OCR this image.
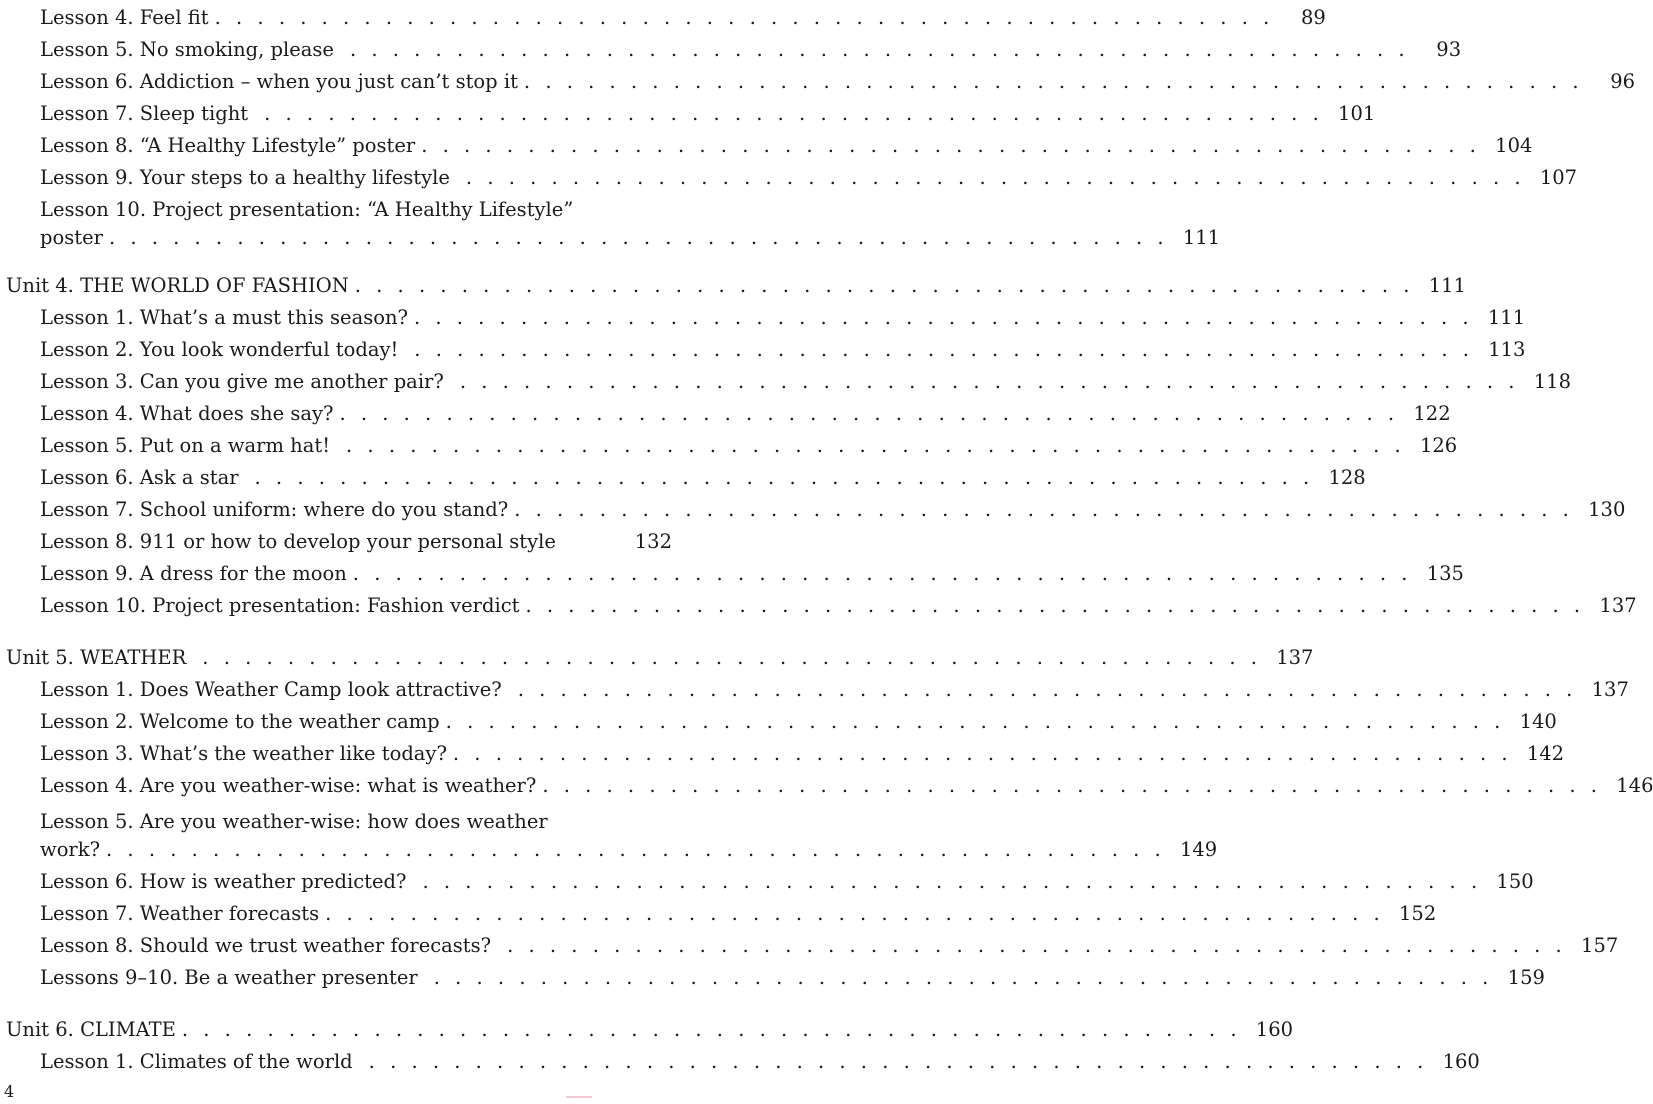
Lesson 4. Feel fit . . . . . . . . . . . . . . . . . . . . . . . . . . . . . . . . . . . . . . . . . . . . . . . . . .	89
Lesson 5. No smoking, please . . . . . . . . . . . . . . . . . . . . . . . . . . . . . . . . . . . . . . . . . . . . . . . . . .	93
Lesson 6. Addiction – when you just can’t stop it . . . . . . . . . . . . . . . . . . . . . . . . . . . . . . . . . . . . . . . . . . . . . . . . . .	96
Lesson 7. Sleep tight . . . . . . . . . . . . . . . . . . . . . . . . . . . . . . . . . . . . . . . . . . . . . . . . . . 101
Lesson 8. “A Healthy Lifestyle” poster . . . . . . . . . . . . . . . . . . . . . . . . . . . . . . . . . . . . . . . . . . . . . . . . . . 104
Lesson 9. Your steps to a healthy lifestyle . . . . . . . . . . . . . . . . . . . . . . . . . . . . . . . . . . . . . . . . . . . . . . . . . . 107
Lesson 10. Project presentation: “A Healthy Lifestyle”
poster . . . . . . . . . . . . . . . . . . . . . . . . . . . . . . . . . . . . . . . . . . . . . . . . . . 111
Unit 4. THE WORLD OF FASHION . . . . . . . . . . . . . . . . . . . . . . . . . . . . . . . . . . . . . . . . . . . . . . . . . . 111
Lesson 1. What’s a must this season? . . . . . . . . . . . . . . . . . . . . . . . . . . . . . . . . . . . . . . . . . . . . . . . . . . 111
Lesson 2. You look wonderful today! . . . . . . . . . . . . . . . . . . . . . . . . . . . . . . . . . . . . . . . . . . . . . . . . . . 113
Lesson 3. Can you give me another pair? . . . . . . . . . . . . . . . . . . . . . . . . . . . . . . . . . . . . . . . . . . . . . . . . . . 118
Lesson 4. What does she say? . . . . . . . . . . . . . . . . . . . . . . . . . . . . . . . . . . . . . . . . . . . . . . . . . . 122
Lesson 5. Put on a warm hat! . . . . . . . . . . . . . . . . . . . . . . . . . . . . . . . . . . . . . . . . . . . . . . . . . . 126
Lesson 6. Ask a star . . . . . . . . . . . . . . . . . . . . . . . . . . . . . . . . . . . . . . . . . . . . . . . . . . 128
Lesson 7. School uniform: where do you stand? . . . . . . . . . . . . . . . . . . . . . . . . . . . . . . . . . . . . . . . . . . . . . . . . . . 130
Lesson 8. 911 or how to develop your personal style	132
Lesson 9. A dress for the moon . . . . . . . . . . . . . . . . . . . . . . . . . . . . . . . . . . . . . . . . . . . . . . . . . . 135
Lesson 10. Project presentation: Fashion verdict . . . . . . . . . . . . . . . . . . . . . . . . . . . . . . . . . . . . . . . . . . . . . . . . . . 137
Unit 5. WEATHER . . . . . . . . . . . . . . . . . . . . . . . . . . . . . . . . . . . . . . . . . . . . . . . . . . 137
Lesson 1. Does Weather Camp look attractive? . . . . . . . . . . . . . . . . . . . . . . . . . . . . . . . . . . . . . . . . . . . . . . . . . . 137
Lesson 2. Welcome to the weather camp . . . . . . . . . . . . . . . . . . . . . . . . . . . . . . . . . . . . . . . . . . . . . . . . . . 140
Lesson 3. What’s the weather like today? . . . . . . . . . . . . . . . . . . . . . . . . . . . . . . . . . . . . . . . . . . . . . . . . . . 142
Lesson 4. Are you weather-wise: what is weather? . . . . . . . . . . . . . . . . . . . . . . . . . . . . . . . . . . . . . . . . . . . . . . . . . . 146
Lesson 5. Are you weather-wise: how does weather
work? . . . . . . . . . . . . . . . . . . . . . . . . . . . . . . . . . . . . . . . . . . . . . . . . . . 149
Lesson 6. How is weather predicted? . . . . . . . . . . . . . . . . . . . . . . . . . . . . . . . . . . . . . . . . . . . . . . . . . . 150
Lesson 7. Weather forecasts . . . . . . . . . . . . . . . . . . . . . . . . . . . . . . . . . . . . . . . . . . . . . . . . . . 152
Lesson 8. Should we trust weather forecasts? . . . . . . . . . . . . . . . . . . . . . . . . . . . . . . . . . . . . . . . . . . . . . . . . . . 157
Lessons 9–10. Be a weather presenter . . . . . . . . . . . . . . . . . . . . . . . . . . . . . . . . . . . . . . . . . . . . . . . . . . 159
Unit 6. CLIMATE . . . . . . . . . . . . . . . . . . . . . . . . . . . . . . . . . . . . . . . . . . . . . . . . . . 160
Lesson 1. Climates of the world . . . . . . . . . . . . . . . . . . . . . . . . . . . . . . . . . . . . . . . . . . . . . . . . . . 160
4
